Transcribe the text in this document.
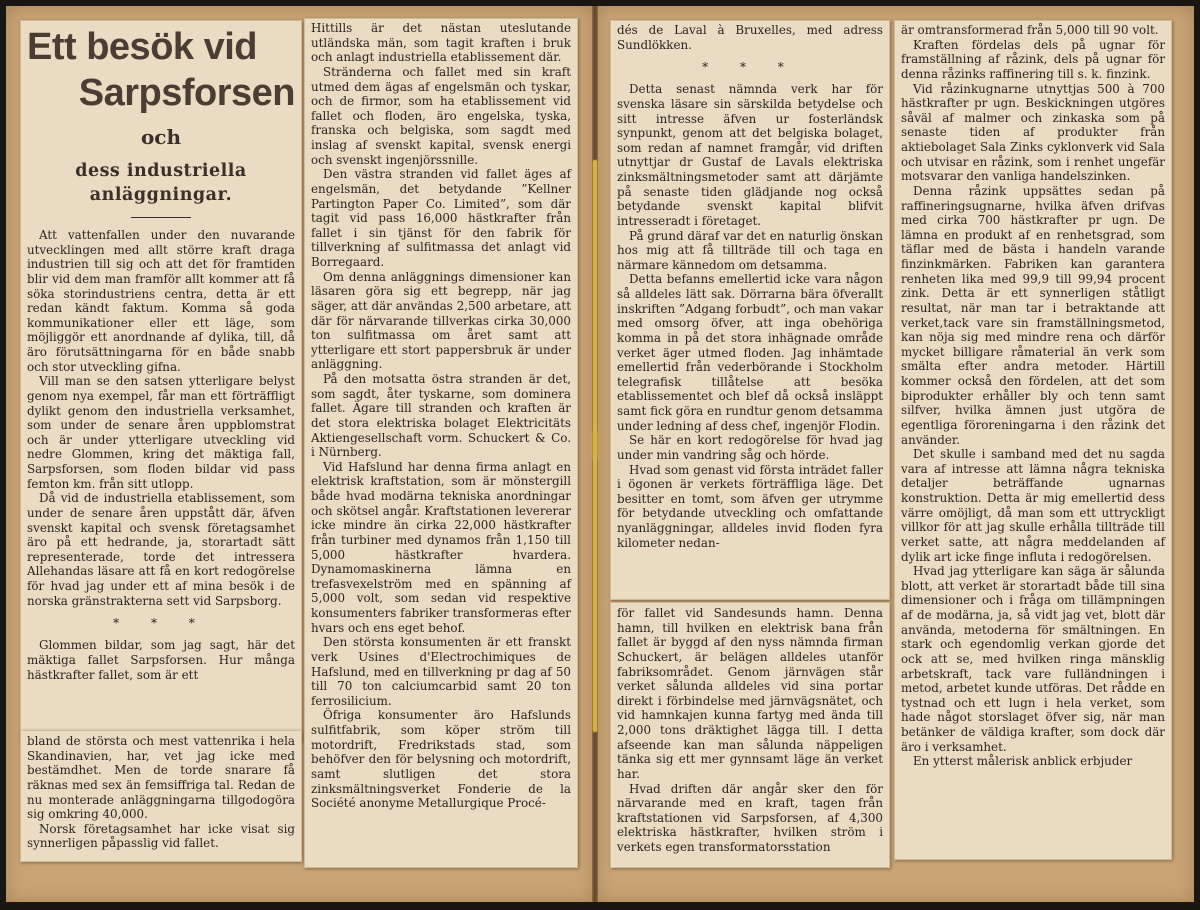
Ett besök vid
Sarpsforsen
och
dess industriella
anläggningar.

Att vattenfallen under den nuvarande utvecklingen med allt större kraft draga industrien till sig och att det för framtiden blir vid dem man framför allt kommer att få söka storindustriens centra, detta är ett redan kändt faktum. Komma så goda kommunikationer eller ett läge, som möjliggör ett anordnande af dylika, till, då äro förutsättningarna för en både snabb och stor utveckling gifna.

Vill man se den satsen ytterligare belyst genom nya exempel, får man ett förträffligt dylikt genom den industriella verksamhet, som under de senare åren uppblomstrat och är under ytterligare utveckling vid nedre Glommen, kring det mäktiga fall, Sarpsforsen, som floden bildar vid pass femton km. från sitt utlopp.

Då vid de industriella etablissement, som under de senare åren uppstått där, äfven svenskt kapital och svensk företagsamhet äro på ett hedrande, ja, storartadt sätt representerade, torde det intressera Allehandas läsare att få en kort redogörelse för hvad jag under ett af mina besök i de norska gränstrakterna sett vid Sarpsborg.

* * *

Glommen bildar, som jag sagt, här det mäktiga fallet Sarpsforsen. Hur många hästkrafter fallet, som är ett

bland de största och mest vattenrika i hela Skandinavien, har, vet jag icke med bestämdhet. Men de torde snarare få räknas med sex än femsiffriga tal. Redan de nu monterade anläggningarna tillgodogöra sig omkring 40,000.

Norsk företagsamhet har icke visat sig synnerligen påpasslig vid fallet.

Hittills är det nästan uteslutande utländska män, som tagit kraften i bruk och anlagt industriella etablissement där.

Stränderna och fallet med sin kraft utmed dem ägas af engelsmän och tyskar, och de firmor, som ha etablissement vid fallet och floden, äro engelska, tyska, franska och belgiska, som sagdt med inslag af svenskt kapital, svensk energi och svenskt ingenjörssnille.

Den västra stranden vid fallet äges af engelsmän, det betydande ”Kellner Partington Paper Co. Limited”, som där tagit vid pass 16,000 hästkrafter från fallet i sin tjänst för den fabrik för tillverkning af sulfitmassa det anlagt vid Borregaard.

Om denna anläggnings dimensioner kan läsaren göra sig ett begrepp, när jag säger, att där användas 2,500 arbetare, att där för närvarande tillverkas cirka 30,000 ton sulfitmassa om året samt att ytterligare ett stort pappersbruk är under anläggning.

På den motsatta östra stranden är det, som sagdt, åter tyskarne, som dominera fallet. Ägare till stranden och kraften är det stora elektriska bolaget Elektricitäts Aktiengesellschaft vorm. Schuckert & Co. i Nürnberg.

Vid Hafslund har denna firma anlagt en elektrisk kraftstation, som är mönstergill både hvad modärna tekniska anordningar och skötsel angår. Kraftstationen levererar icke mindre än cirka 22,000 hästkrafter från turbiner med dynamos från 1,150 till 5,000 hästkrafter hvardera. Dynamomaskinerna lämna en trefasvexelström med en spänning af 5,000 volt, som sedan vid respektive konsumenters fabriker transformeras efter hvars och ens eget behof.

Den största konsumenten är ett franskt verk Usines d'Electrochimiques de Hafslund, med en tillverkning pr dag af 50 till 70 ton calciumcarbid samt 20 ton ferrosilicium.

Öfriga konsumenter äro Hafslunds sulfitfabrik, som köper ström till motordrift, Fredrikstads stad, som behöfver den för belysning och motordrift, samt slutligen det stora zinksmältningsverket Fonderie de la Société anonyme Metallurgique Procé-

dés de Laval à Bruxelles, med adress Sundlökken.

* * *

Detta senast nämnda verk har för svenska läsare sin särskilda betydelse och sitt intresse äfven ur fosterländsk synpunkt, genom att det belgiska bolaget, som redan af namnet framgår, vid driften utnyttjar dr Gustaf de Lavals elektriska zinksmältningsmetoder samt att därjämte på senaste tiden glädjande nog också betydande svenskt kapital blifvit intresseradt i företaget.

På grund däraf var det en naturlig önskan hos mig att få tillträde till och taga en närmare kännedom om detsamma.

Detta befanns emellertid icke vara någon så alldeles lätt sak. Dörrarna bära öfverallt inskriften ”Adgang forbudt”, och man vakar med omsorg öfver, att inga obehöriga komma in på det stora inhägnade område verket äger utmed floden. Jag inhämtade emellertid från vederbörande i Stockholm telegrafisk tillåtelse att besöka etablissementet och blef då också insläppt samt fick göra en rundtur genom detsamma under ledning af dess chef, ingenjör Flodin.

Se här en kort redogörelse för hvad jag under min vandring såg och hörde.

Hvad som genast vid första inträdet faller i ögonen är verkets förträffliga läge. Det besitter en tomt, som äfven ger utrymme för betydande utveckling och omfattande nyanläggningar, alldeles invid floden fyra kilometer nedan-

för fallet vid Sandesunds hamn. Denna hamn, till hvilken en elektrisk bana från fallet är byggd af den nyss nämnda firman Schuckert, är belägen alldeles utanför fabriksområdet. Genom järnvägen står verket sålunda alldeles vid sina portar direkt i förbindelse med järnvägsnätet, och vid hamnkajen kunna fartyg med ända till 2,000 tons dräktighet lägga till. I detta afseende kan man sålunda näppeligen tänka sig ett mer gynnsamt läge än verket har.

Hvad driften där angår sker den för närvarande med en kraft, tagen från kraftstationen vid Sarpsforsen, af 4,300 elektriska hästkrafter, hvilken ström i verkets egen transformatorsstation

är omtransformerad från 5,000 till 90 volt.

Kraften fördelas dels på ugnar för framställning af råzink, dels på ugnar för denna råzinks raffinering till s. k. finzink.

Vid råzinkugnarne utnyttjas 500 à 700 hästkrafter pr ugn. Beskickningen utgöres såväl af malmer och zinkaska som på senaste tiden af produkter från aktiebolaget Sala Zinks cyklonverk vid Sala och utvisar en råzink, som i renhet ungefär motsvarar den vanliga handelszinken.

Denna råzink uppsättes sedan på raffineringsugnarne, hvilka äfven drifvas med cirka 700 hästkrafter pr ugn. De lämna en produkt af en renhetsgrad, som täflar med de bästa i handeln varande finzinkmärken. Fabriken kan garantera renheten lika med 99,9 till 99,94 procent zink. Detta är ett synnerligen ståtligt resultat, när man tar i betraktande att verket,tack vare sin framställningsmetod, kan nöja sig med mindre rena och därför mycket billigare råmaterial än verk som smälta efter andra metoder. Härtill kommer också den fördelen, att det som biprodukter erhåller bly och tenn samt silfver, hvilka ämnen just utgöra de egentliga föroreningarna i den råzink det använder.

Det skulle i samband med det nu sagda vara af intresse att lämna några tekniska detaljer beträffande ugnarnas konstruktion. Detta är mig emellertid dess värre omöjligt, då man som ett uttryckligt villkor för att jag skulle erhålla tillträde till verket satte, att några meddelanden af dylik art icke finge influta i redogörelsen.

Hvad jag ytterligare kan säga är sålunda blott, att verket är storartadt både till sina dimensioner och i fråga om tillämpningen af de modärna, ja, så vidt jag vet, blott där använda, metoderna för smältningen. En stark och egendomlig verkan gjorde det ock att se, med hvilken ringa mänsklig arbetskraft, tack vare fulländningen i metod, arbetet kunde utföras. Det rådde en tystnad och ett lugn i hela verket, som hade något storslaget öfver sig, när man betänker de väldiga krafter, som dock där äro i verksamhet.

En ytterst målerisk anblick erbjuder
